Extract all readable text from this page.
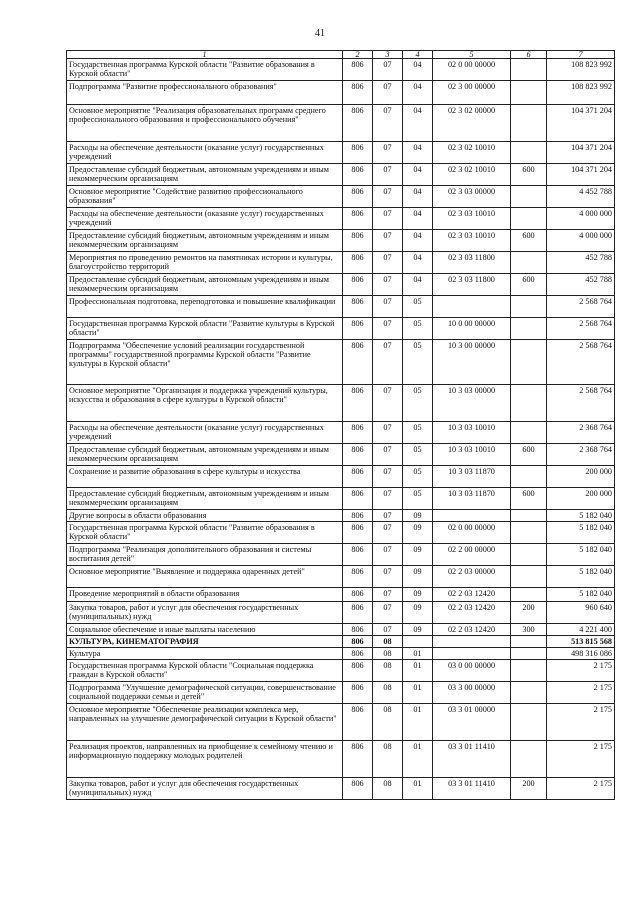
41
1	2	3	4	5	6	7
Государственная программа Курской области "Развитие образования в Курской области"	806	07	04	02 0 00 00000		108 823 992
Подпрограмма "Развитие профессионального образования"	806	07	04	02 3 00 00000		108 823 992
Основное мероприятие "Реализация образовательных программ среднего профессионального образования и профессионального обучения"	806	07	04	02 3 02 00000		104 371 204
Расходы на обеспечение деятельности (оказание услуг) государственных учреждений	806	07	04	02 3 02 10010		104 371 204
Предоставление субсидий бюджетным, автономным учреждениям и иным некоммерческим организациям	806	07	04	02 3 02 10010	600	104 371 204
Основное мероприятие "Содействие развитию профессионального образования"	806	07	04	02 3 03 00000		4 452 788
Расходы на обеспечение деятельности (оказание услуг) государственных учреждений	806	07	04	02 3 03 10010		4 000 000
Предоставление субсидий бюджетным, автономным учреждениям и иным некоммерческим организациям	806	07	04	02 3 03 10010	600	4 000 000
Мероприятия по проведению ремонтов на памятниках истории и культуры, благоустройство территорий	806	07	04	02 3 03 11800		452 788
Предоставление субсидий бюджетным, автономным учреждениям и иным некоммерческим организациям	806	07	04	02 3 03 11800	600	452 788
Профессиональная подготовка, переподготовка и повышение квалификации	806	07	05			2 568 764
Государственная программа Курской области "Развитие культуры в Курской области"	806	07	05	10 0 00 00000		2 568 764
Подпрограмма "Обеспечение условий реализации государственной программы" государственной программы Курской области "Развитие культуры в Курской области"	806	07	05	10 3 00 00000		2 568 764
Основное мероприятие "Организация и поддержка учреждений культуры, искусства и образования в сфере культуры в Курской области"	806	07	05	10 3 03 00000		2 568 764
Расходы на обеспечение деятельности (оказание услуг) государственных учреждений	806	07	05	10 3 03 10010		2 368 764
Предоставление субсидий бюджетным, автономным учреждениям и иным некоммерческим организациям	806	07	05	10 3 03 10010	600	2 368 764
Сохранение и развитие образования в сфере культуры и искусства	806	07	05	10 3 03 11870		200 000
Предоставление субсидий бюджетным, автономным учреждениям и иным некоммерческим организациям	806	07	05	10 3 03 11870	600	200 000
Другие вопросы в области образования	806	07	09			5 182 040
Государственная программа Курской области "Развитие образования в Курской области"	806	07	09	02 0 00 00000		5 182 040
Подпрограмма "Реализация дополнительного образования и системы воспитания детей"	806	07	09	02 2 00 00000		5 182 040
Основное мероприятие "Выявление и поддержка одаренных детей"	806	07	09	02 2 03 00000		5 182 040
Проведение мероприятий в области образования	806	07	09	02 2 03 12420		5 182 040
Закупка товаров, работ и услуг для обеспечения государственных (муниципальных) нужд	806	07	09	02 2 03 12420	200	960 640
Социальное обеспечение и иные выплаты населению	806	07	09	02 2 03 12420	300	4 221 400
КУЛЬТУРА, КИНЕМАТОГРАФИЯ	806	08				513 815 568
Культура	806	08	01			498 316 086
Государственная программа Курской области "Социальная поддержка граждан в Курской области"	806	08	01	03 0 00 00000		2 175
Подпрограмма "Улучшение демографической ситуации, совершенствование социальной поддержки семьи и детей"	806	08	01	03 3 00 00000		2 175
Основное мероприятие "Обеспечение реализации комплекса мер, направленных на улучшение демографической ситуации в Курской области"	806	08	01	03 3 01 00000		2 175
Реализация проектов, направленных на приобщение к семейному чтению и информационную поддержку молодых родителей	806	08	01	03 3 01 11410		2 175
Закупка товаров, работ и услуг для обеспечения государственных (муниципальных) нужд	806	08	01	03 3 01 11410	200	2 175
